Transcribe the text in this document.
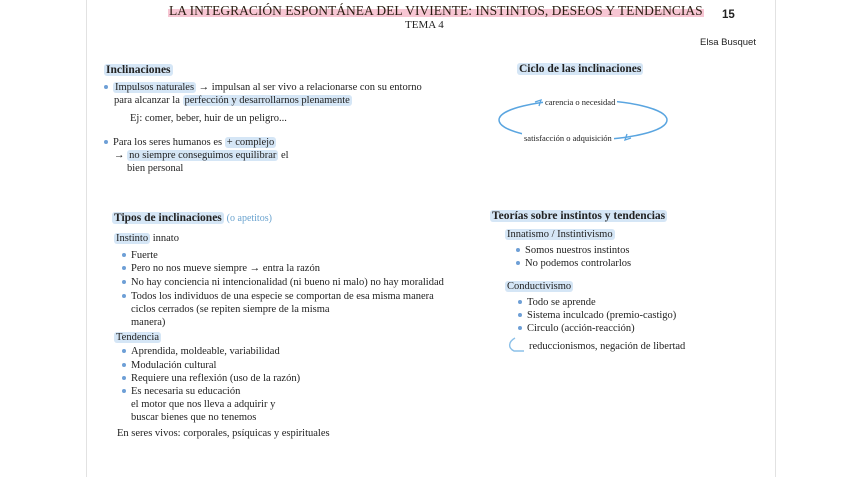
LA INTEGRACIÓN ESPONTÁNEA DEL VIVIENTE: INSTINTOS, DESEOS Y TENDENCIAS
TEMA 4
15
Elsa Busquet
Inclinaciones
Impulsos naturales → impulsan al ser vivo a relacionarse con su entorno
para alcanzar la perfección y desarrollarnos plenamente
Ej: comer, beber, huir de un peligro...
Para los seres humanos es + complejo
→ no siempre conseguimos equilibrar el
bien personal
Ciclo de las inclinaciones
carencia o necesidad
satisfacción o adquisición
Tipos de inclinaciones (o apetitos)
Instinto innato
Fuerte
Pero no nos mueve siempre → entra la razón
No hay conciencia ni intencionalidad (ni bueno ni malo) no hay moralidad
Todos los individuos de una especie se comportan de esa misma manera
ciclos cerrados (se repiten siempre de la misma
manera)
Tendencia
Aprendida, moldeable, variabilidad
Modulación cultural
Requiere una reflexión (uso de la razón)
Es necesaria su educación
el motor que nos lleva a adquirir y
buscar bienes que no tenemos
En seres vivos: corporales, psíquicas y espirituales
Teorías sobre instintos y tendencias
Innatismo / Instintivismo
Somos nuestros instintos
No podemos controlarlos
Conductivismo
Todo se aprende
Sistema inculcado (premio-castigo)
Circulo (acción-reacción)
reduccionismos, negación de libertad
